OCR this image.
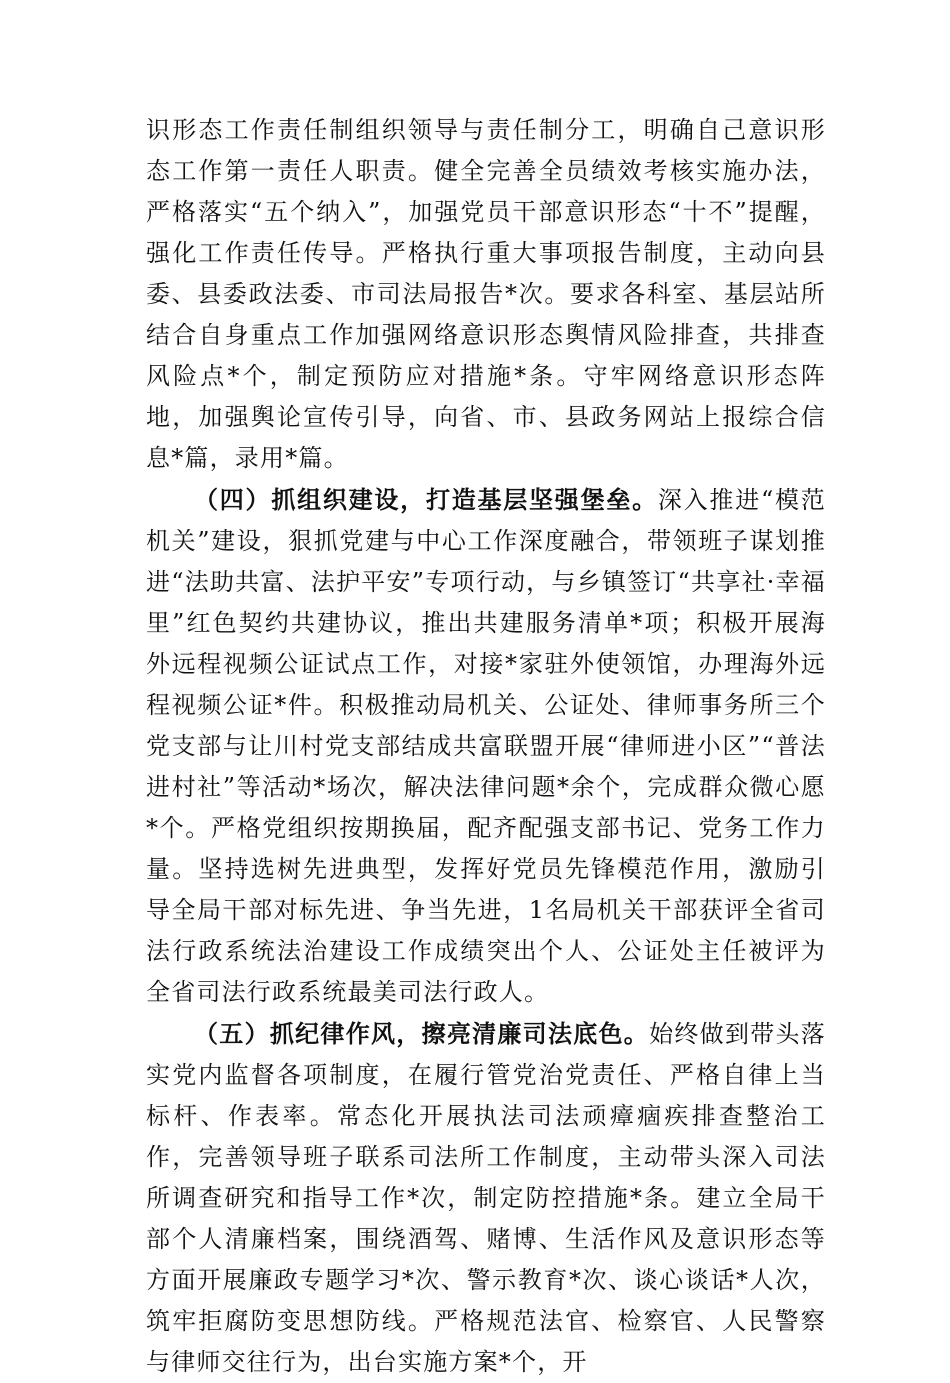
识形态工作责任制组织领导与责任制分工，明确自己意识形态工作第一责任人职责。健全完善全员绩效考核实施办法，严格落实“五个纳入”，加强党员干部意识形态“十不”提醒，强化工作责任传导。严格执行重大事项报告制度，主动向县委、县委政法委、市司法局报告*次。要求各科室、基层站所结合自身重点工作加强网络意识形态舆情风险排查，共排查风险点*个，制定预防应对措施*条。守牢网络意识形态阵地，加强舆论宣传引导，向省、市、县政务网站上报综合信息*篇，录用*篇。

（四）抓组织建设，打造基层坚强堡垒。深入推进“模范机关”建设，狠抓党建与中心工作深度融合，带领班子谋划推进“法助共富、法护平安”专项行动，与乡镇签订“共享社·幸福里”红色契约共建协议，推出共建服务清单*项；积极开展海外远程视频公证试点工作，对接*家驻外使领馆，办理海外远程视频公证*件。积极推动局机关、公证处、律师事务所三个党支部与让川村党支部结成共富联盟开展“律师进小区”“普法进村社”等活动*场次，解决法律问题*余个，完成群众微心愿*个。严格党组织按期换届，配齐配强支部书记、党务工作力量。坚持选树先进典型，发挥好党员先锋模范作用，激励引导全局干部对标先进、争当先进，1名局机关干部获评全省司法行政系统法治建设工作成绩突出个人、公证处主任被评为全省司法行政系统最美司法行政人。

（五）抓纪律作风，擦亮清廉司法底色。始终做到带头落实党内监督各项制度，在履行管党治党责任、严格自律上当标杆、作表率。常态化开展执法司法顽瘴痼疾排查整治工作，完善领导班子联系司法所工作制度，主动带头深入司法所调查研究和指导工作*次，制定防控措施*条。建立全局干部个人清廉档案，围绕酒驾、赌博、生活作风及意识形态等方面开展廉政专题学习*次、警示教育*次、谈心谈话*人次，筑牢拒腐防变思想防线。严格规范法官、检察官、人民警察与律师交往行为，出台实施方案*个，开
